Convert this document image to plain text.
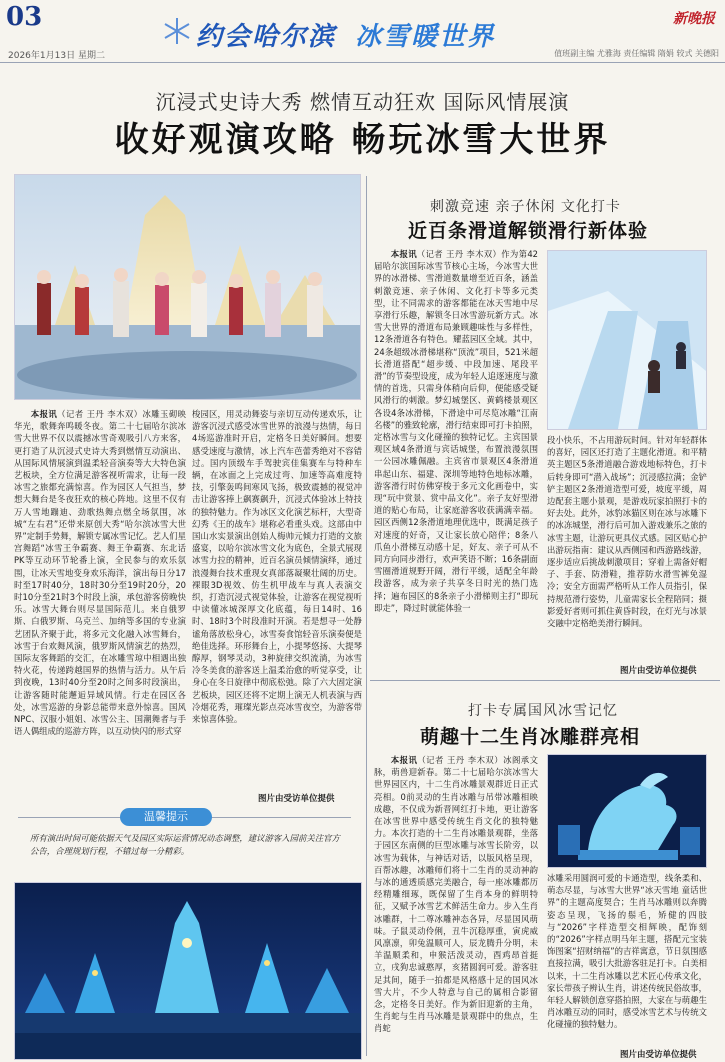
03
约会哈尔滨 冰雪暖世界
新晚报
2026年1月13日 星期二	值班副主编 尤雅海 责任编辑 隋娟 较式 关德阳
沉浸式史诗大秀 燃情互动狂欢 国际风情展演
收好观演攻略 畅玩冰雪大世界

本报讯（记者 王丹 李木双）冰雕玉砌映华光，歌舞奔鸣暖冬夜。第二十七届哈尔滨冰雪大世界不仅以震撼冰雪奇观吸引八方来客，更打造了从沉浸式史诗大秀到燃情互动演出、从国际风情展演到温柔轻音演奏等大大特色演艺板块，全方位满足游客视听需求，让每一段冰雪之旅都充满惊喜。作为园区人气担当，梦想大舞台是冬夜狂欢的核心阵地。这里不仅有万人雪地蹦迪、劲歌热舞点燃全场氛围，冰城“左右君”还带来原创大秀“哈尔滨冰雪大世界”定制手势舞，解锁专属冰雪记忆。艺人们星宫舞蹈“冰雪王争霸赛、舞王争霸赛、东北话PK等互动环节轮番上演，全民参与的欢乐氛围，让冰天雪地变身欢乐海洋，演出每日分17时至17时40分，18时30分至19时20分，20时10分至21时3个时段上演，承包游客傍晚快乐。冰雪大舞台则尽显国际范儿。来自俄罗斯、白俄罗斯、乌克兰、加纳等多国的专业演艺团队齐聚于此，将多元文化融入冰雪舞台，冰雪于台欢舞风演，俄罗斯风情演艺的热烈，国际友客舞蹈的交汇，在冰雕雪琼中相遇出独特火花，传递跨越国界的热情与活力。从午后到夜晚，13时40分至20时之间多时段演出，让游客随时能邂逅异域风情。行走在园区各处，冰雪巡游的身影总能带来意外惊喜。国风NPC、汉服小姐姐、冰雪公主、国潮舞者与手语人偶组成的巡游方阵，以互动快闪的形式穿

梭园区，用灵动舞姿与亲切互动传递欢乐，让游客沉浸式感受冰雪世界的浪漫与热情，每日4场巡游准时开启，定格冬日美好瞬间。想要感受速度与激情，冰上汽车芭蕾秀绝对不容错过。国内顶级车手驾驶宾佳集赛车与特种车辆，在冰面之上完成过弯、加速等高难度特技，引擎轰鸣间寒风飞扬，极致震撼的视觉冲击让游客捧上飙赛飙升，沉浸式体验冰上特技的独特魅力。作为冰区文化演艺标杆，大型奇幻秀《王的战车》堪称必看重头戏。这部由中国山水实景演出创始人梅帅元倾力打造的文旅盛宴，以哈尔滨冰雪文化为底色，全景式展现冰雪力拉的精神，近百名演员倾情演绎，通过浪漫舞台技术重现女真部落凝聚壮阔的历史。裸眼3D视效、仿生机甲战车与真人表演交织，打造沉浸式视觉体验，让游客在视觉视听中读懂冰城深厚文化底蕴，每日14时、16时、18时3个时段准时开演。若是想寻一处静谧角落放松身心，冰雪奏食馆轻音乐演奏便是绝佳选择。环形舞台上，小提琴悠扬、大提琴醇厚，钢琴灵动，3种旋律交织流淌，为冰雪冷冬美食的游客送上温柔治愈的听觉享受，让身心在冬日旋律中彻底松弛。除了六大固定演艺板块，园区还将不定期上演无人机表演与西冷烟花秀，璀璨光影点亮冰雪夜空，为游客带来惊喜体验。

图片由受访单位提供
温馨提示
所有演出时间可能依据天气及园区实际运营情况动态调整，建议游客入园前关注官方公告，合理规划行程，不错过每一分精彩。
刺激竞速 亲子休闲 文化打卡
近百条滑道解锁滑行新体验

本报讯（记者 王丹 李木双）作为第42届哈尔滨国际冰雪节核心主场，今冰雪大世界的冰滑梯、雪滑道数量增至近百条，涵盖刺激竞速、亲子休闲、文化打卡等多元类型，让不同需求的游客都能在冰天雪地中尽享滑行乐趣，解锁冬日冰雪游玩新方式。冰雪大世界的滑道布局兼顾趣味性与多样性，12条滑道各有特色。耀蓝园区全域。其中，24条超级冰滑梯堪称“顶流”项目，521米超长滑道搭配“超步缓、中段加速、尾段平滑”的节奏型设度，成为年轻人追逐速度与激情的首选，只需身体稍向后仰，便能感受疑风滑行的刺激。梦幻城堡区、黄鹤楼景观区各设4条冰滑梯，下滑途中可尽览冰雕“江南名楼”的雅致轮廓，滑行结束即可打卡拍照，定格冰雪与文化碰撞的独特记忆。主宾国景观区域4条滑道与宾话城堡，布置浪漫氛围一公园冰雕佩融。主宾省市景观区4条滑道串起山东、福建、深圳等地特色地标冰雕，游客滑行时仿佛穿梭于多元文化画卷中，实现“玩中赏景、赏中品文化”。亲子友好型滑道的贴心布局，让家庭游客收获满满幸福。园区西侧12条滑道地理优选中，既满足孩子对速度的好奇，又让家长放心陪伴；8条八爪鱼小滑梯互动感十足，好友、亲子可从不同方向同步滑行，欢声笑语不断；16条副面雪圈滑道规野开阔，滑行平缓，适配全年龄段游客，成为亲子共享冬日时光的热门选择；遍布园区的8条亲子小滑梯则主打“即玩即走”，降过时就能体验一

段小快乐，不占用游玩时间。针对年轻群体的喜好，园区还打造了主题化滑道。和平精英主题区5条滑道融合游戏地标特色，打卡后转身即可“潜入战场”；沉浸感拉满；金铲铲主题区2条滑道造型可爱，坡度平缓，周边配套主题小景观，是游戏玩家拍照打卡的好去处。此外，冰豹冰猫区则在冰与冰雕下的冰冻城堡，滑行后可加入游戏兼乐之旅的冰雪主题，让游玩更具仪式感。园区贴心护出游玩指南：建议从西侧园和西游路线游，逐步适应后挑战刺激项目；穿着上需备好帽子、手套、防滑鞋，推荐防水滑雪裤免湿冷；安全方面需严格听从工作人员指引，保持规范滑行姿势，儿童需家长全程陪同；摄影爱好者则可抓住黄昏时段，在灯光与冰景交融中定格绝美滑行瞬间。

图片由受访单位提供
打卡专属国风冰雪记忆
萌趣十二生肖冰雕群亮相

本报讯（记者 王丹 李木双）冰阁承文脉，萌兽迎新春。第二十七届哈尔滨冰雪大世界园区内，十二生肖冰雕景观群近日正式亮相。0前灵动的生肖冰雕与吊带冰雕相映成趣，不仅成为新晋网红打卡地，更让游客在冰雪世界中感受传统生肖文化的独特魅力。本次打造的十二生肖冰雕景观群，坐落于园区东南侧的巨型冰雕与冰雪长阶旁，以冰雪为载体，与神话对话，以版风格呈现，百帮冰趣，冰雕师们将十二生肖的灵动神韵与冰的通透质感完美融合，每一座冰雕都历经精雕细琢，既保留了生肖本身的鲜明特征，又赋予冰雪艺术鲜活生命力。步入生肖冰雕群，十二尊冰雕神态各异，尽显国风萌味。子鼠灵动伶俐，丑牛沉稳厚重，寅虎威风凛凛，卯兔温顺可人，辰龙腾升分明，未羊温顺柔和，申猴活泼灵动，酉鸡昂首挺立，戌狗忠诚憨厚，亥猪圆润可爱。游客驻足其间，随手一拍都是风格感十足的国风冰雪大片，不少人特意与自己的属相合影留念，定格冬日美好。作为新旧迎新的主角，生肖蛇与生肖马冰雕是景观群中的焦点，生肖蛇

冰雕采用圆润可爱的卡通造型，线条柔和、萌态尽显，与冰雪大世界“冰天雪地 童话世界”的主题高度契合；生肖马冰雕则以奔腾姿态呈现，飞扬的鬃毛，矫健的四肢与“2026”字样造型交相辉映，配饰刻的“2026”字样点明马年主题，搭配元宝装饰图案“招财纳福”的吉祥寓意，节日氛围感直接拉满，吸引大批游客驻足打卡。白美相以来，十二生肖冰雕以艺术匠心传承文化，家长带孩子辨认生肖，讲述传统民俗故事，年轻人解锁创意穿搭拍照，大家在与萌趣生肖冰雕互动的同时，感受冰雪艺术与传统文化碰撞的独特魅力。

图片由受访单位提供
